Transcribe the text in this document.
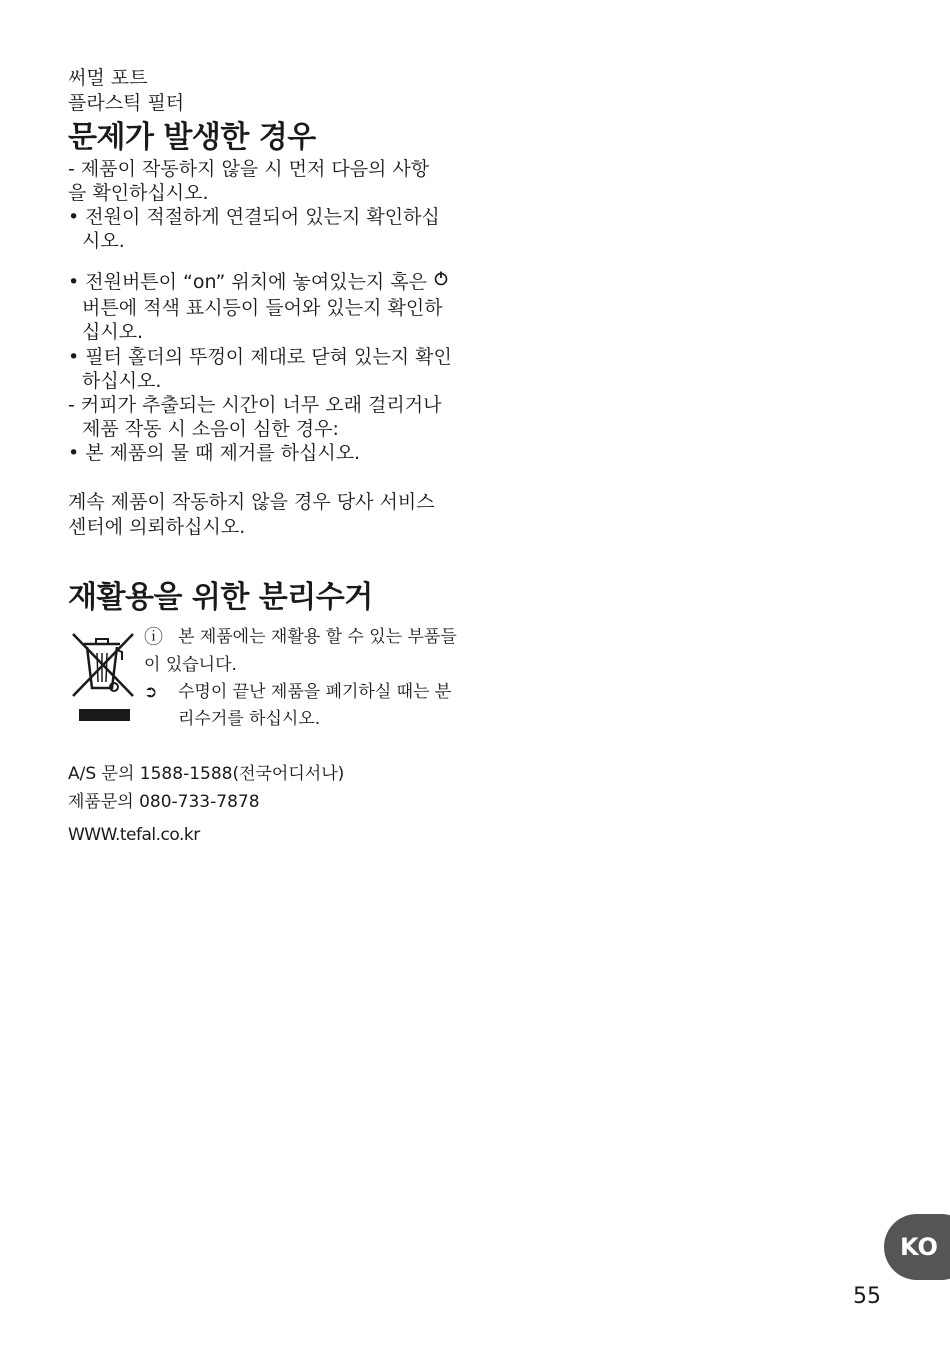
써멀 포트
플라스틱 필터
문제가 발생한 경우
- 제품이 작동하지 않을 시 먼저 다음의 사항
을 확인하십시오.
• 전원이 적절하게 연결되어 있는지 확인하십
시오.
• 전원버튼이 “on” 위치에 놓여있는지 혹은
버튼에 적색 표시등이 들어와 있는지 확인하
십시오.
• 필터 홀더의 뚜껑이 제대로 닫혀 있는지 확인
하십시오.
- 커피가 추출되는 시간이 너무 오래 걸리거나
제품 작동 시 소음이 심한 경우:
• 본 제품의 물 때 제거를 하십시오.
계속 제품이 작동하지 않을 경우 당사 서비스
센터에 의뢰하십시오.
재활용을 위한 분리수거
ⓘ 본 제품에는 재활용 할 수 있는 부품들
이 있습니다.
➲ 수명이 끝난 제품을 폐기하실 때는 분
리수거를 하십시오.
A/S 문의 1588-1588(전국어디서나)
제품문의 080-733-7878
WWW.tefal.co.kr
KO
55
